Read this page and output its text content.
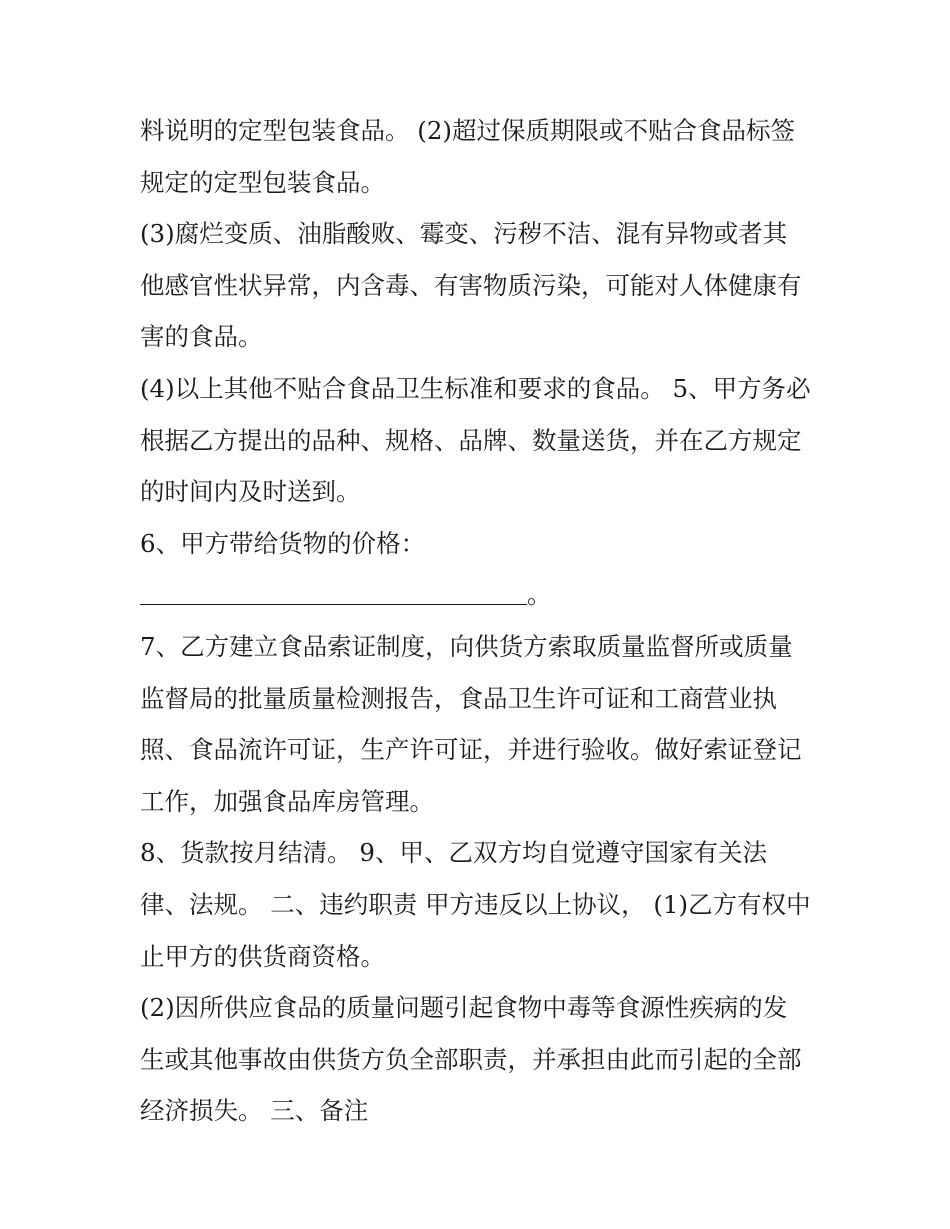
料说明的定型包装食品。 (2)超过保质期限或不贴合食品标签
规定的定型包装食品。
(3)腐烂变质、油脂酸败、霉变、污秽不洁、混有异物或者其
他感官性状异常，内含毒、有害物质污染，可能对人体健康有
害的食品。
(4)以上其他不贴合食品卫生标准和要求的食品。 5、甲方务必
根据乙方提出的品种、规格、品牌、数量送货，并在乙方规定
的时间内及时送到。
6、甲方带给货物的价格：
。
7、乙方建立食品索证制度，向供货方索取质量监督所或质量
监督局的批量质量检测报告，食品卫生许可证和工商营业执
照、食品流许可证，生产许可证，并进行验收。做好索证登记
工作，加强食品库房管理。
8、货款按月结清。 9、甲、乙双方均自觉遵守国家有关法
律、法规。 二、违约职责 甲方违反以上协议， (1)乙方有权中
止甲方的供货商资格。
(2)因所供应食品的质量问题引起食物中毒等食源性疾病的发
生或其他事故由供货方负全部职责，并承担由此而引起的全部
经济损失。 三、备注
